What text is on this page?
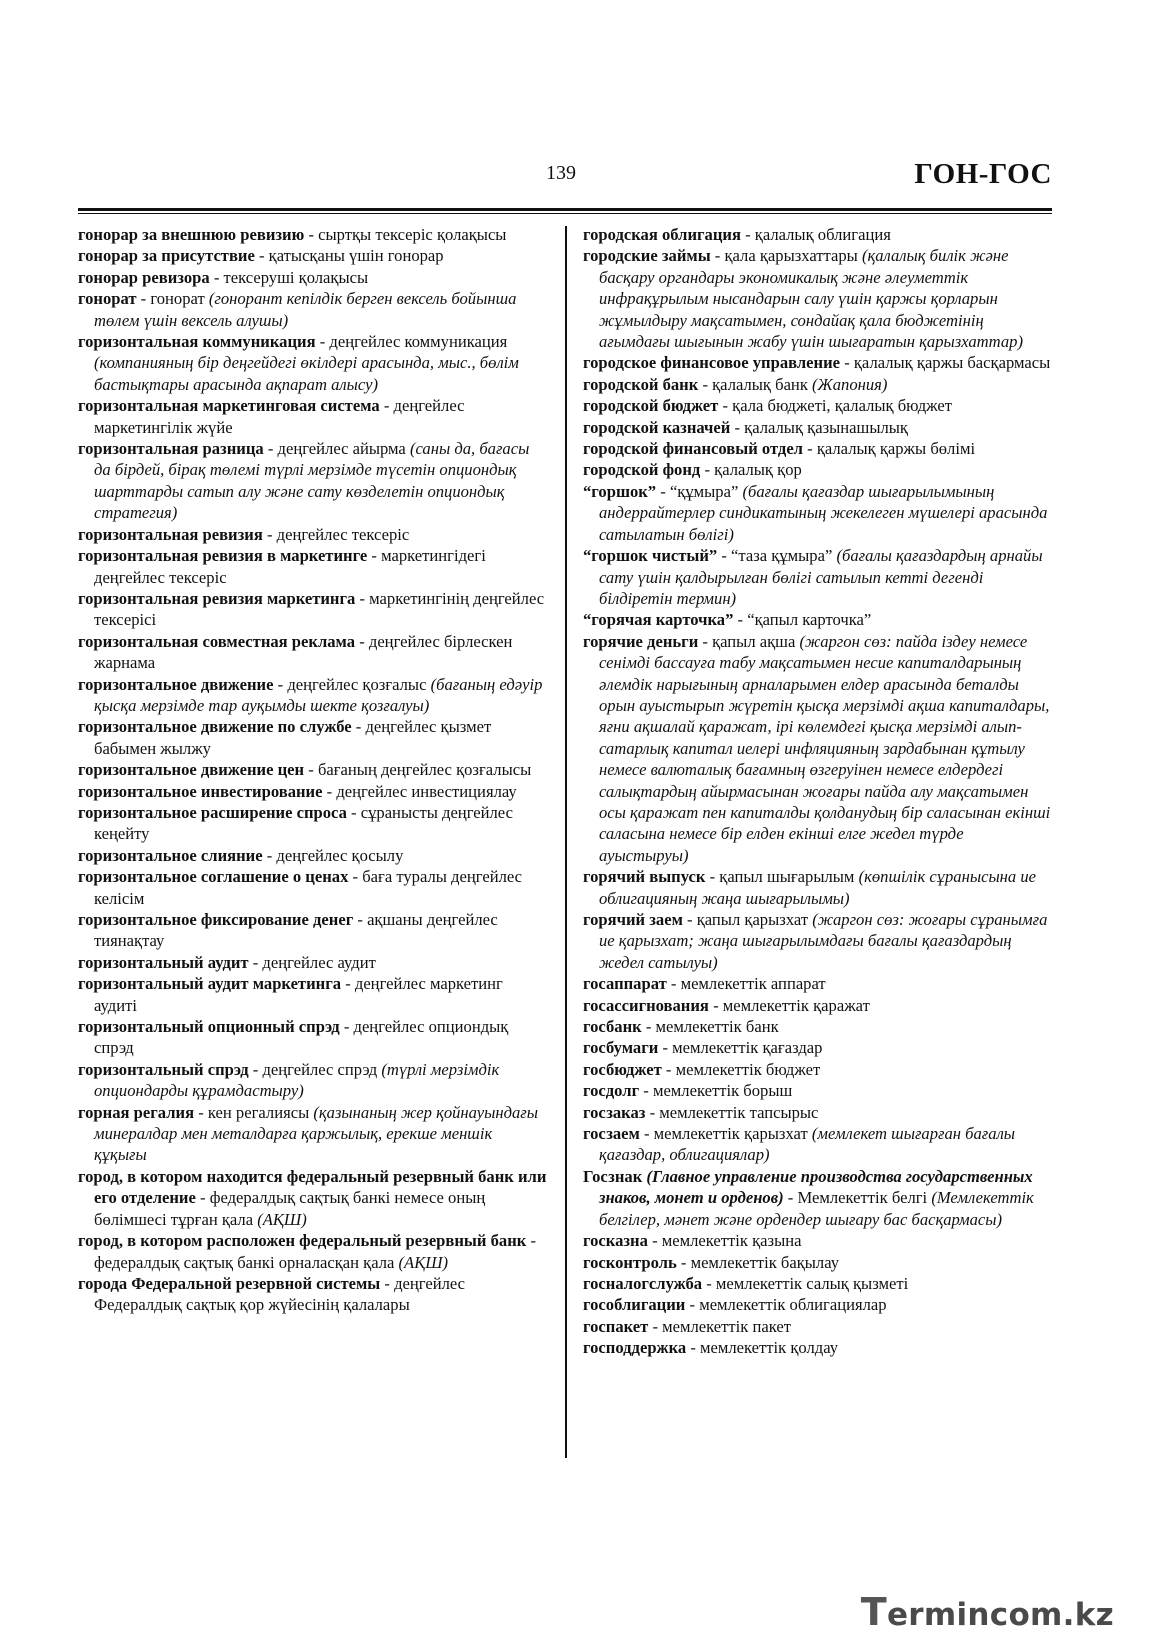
139	ГОН-ГОС

гонорар за внешнюю ревизию - сыртқы тексеріс қолақысы

гонорар за присутствие - қатысқаны үшін гонорар

гонорар ревизора - тексеруші қолақысы

гонорат - гонорат (гонорант кепілдік берген вексель бойынша төлем үшін вексель алушы)

горизонтальная коммуникация - деңгейлес коммуникация (компанияның бір деңгейдегі өкілдері арасында, мыс., бөлім бастықтары арасында ақпарат алысу)

горизонтальная маркетинговая система - деңгейлес маркетингілік жүйе

горизонтальная разница - деңгейлес айырма (саны да, бағасы да бірдей, бірақ төлемі түрлі мерзімде түсетін опциондық шарттарды сатып алу және сату көзделетін опциондық стратегия)

горизонтальная ревизия - деңгейлес тексеріс

горизонтальная ревизия в маркетинге - маркетингідегі деңгейлес тексеріс

горизонтальная ревизия маркетинга - маркетингінің деңгейлес тексерісі

горизонтальная совместная реклама - деңгейлес бірлескен жарнама

горизонтальное движение - деңгейлес қозғалыс (бағаның едәуір қысқа мерзімде тар ауқымды шекте қозғалуы)

горизонтальное движение по службе - деңгейлес қызмет бабымен жылжу

горизонтальное движение цен - бағаның деңгейлес қозғалысы

горизонтальное инвестирование - деңгейлес инвестициялау

горизонтальное расширение спроса - сұранысты деңгейлес кеңейту

горизонтальное слияние - деңгейлес қосылу

горизонтальное соглашение о ценах - баға туралы деңгейлес келісім

горизонтальное фиксирование денег - ақшаны деңгейлес тиянақтау

горизонтальный аудит - деңгейлес аудит

горизонтальный аудит маркетинга - деңгейлес маркетинг аудиті

горизонтальный опционный спрэд - деңгейлес опциондық спрэд

горизонтальный спрэд - деңгейлес спрэд (түрлі мерзімдік опциондарды құрамдастыру)

горная регалия - кен регалиясы (қазынаның жер қойнауындағы минералдар мен металдарға қаржылық, ерекше меншік құқығы

город, в котором находится федеральный резервный банк или его отделение - федералдық сақтық банкі немесе оның бөлімшесі тұрған қала (АҚШ)

город, в котором расположен федеральный резервный банк - федералдық сақтық банкі орналасқан қала (АҚШ)

города Федеральной резервной системы - деңгейлес Федералдық сақтық қор жүйесінің қалалары

городская облигация - қалалық облигация

городские займы - қала қарызхаттары (қалалық билік және басқару органдары экономикалық және әлеуметтік инфрақұрылым нысандарын салу үшін қаржы қорларын жұмылдыру мақсатымен, сондайақ қала бюджетінің ағымдағы шығынын жабу үшін шығаратын қарызхаттар)

городское финансовое управление - қалалық қаржы басқармасы

городской банк - қалалық банк (Жапония)

городской бюджет - қала бюджеті, қалалық бюджет

городской казначей - қалалық қазынашылық

городской финансовый отдел - қалалық қаржы бөлімі

городской фонд - қалалық қор

“горшок” - “құмыра” (бағалы қағаздар шығарылымының андеррайтерлер синдикатының жекелеген мүшелері арасында сатылатын бөлігі)

“горшок чистый” - “таза құмыра” (бағалы қағаздардың арнайы сату үшін қалдырылған бөлігі сатылып кетті дегенді білдіретін термин)

“горячая карточка” - “қапыл карточка”

горячие деньги - қапыл ақша (жаргон сөз: пайда іздеу немесе сенімді бассауға табу мақсатымен несие капиталдарының әлемдік нарығының арналарымен елдер арасында беталды орын ауыстырып жүретін қысқа мерзімді ақша капиталдары, яғни ақшалай қаражат, ірі көлемдегі қысқа мерзімді алып-сатарлық капитал иелері инфляцияның зардабынан құтылу немесе валюталық бағамның өзгеруінен немесе елдердегі салықтардың айырмасынан жоғары пайда алу мақсатымен осы қаражат пен капиталды қолданудың бір саласынан екінші саласына немесе бір елден екінші елге жедел түрде ауыстыруы)

горячий выпуск - қапыл шығарылым (көпшілік сұранысына ие облигацияның жаңа шығарылымы)

горячий заем - қапыл қарызхат (жаргон сөз: жоғары сұранымға ие қарызхат; жаңа шығарылымдағы бағалы қағаздардың жедел сатылуы)

госаппарат - мемлекеттік аппарат

госассигнования - мемлекеттік қаражат

госбанк - мемлекеттік банк

госбумаги - мемлекеттік қағаздар

госбюджет - мемлекеттік бюджет

госдолг - мемлекеттік борыш

госзаказ - мемлекеттік тапсырыс

госзаем - мемлекеттік қарызхат (мемлекет шығарған бағалы қағаздар, облигациялар)

Госзнак (Главное управление производства государственных знаков, монет и орденов) - Мемлекеттік белгі (Мемлекеттік белгілер, мәнет және ордендер шығару бас басқармасы)

госказна - мемлекеттік қазына

госконтроль - мемлекеттік бақылау

госналогслужба - мемлекеттік салық қызметі

гособлигации - мемлекеттік облигациялар

госпакет - мемлекеттік пакет

господдержка - мемлекеттік қолдау

Termincom.kz
